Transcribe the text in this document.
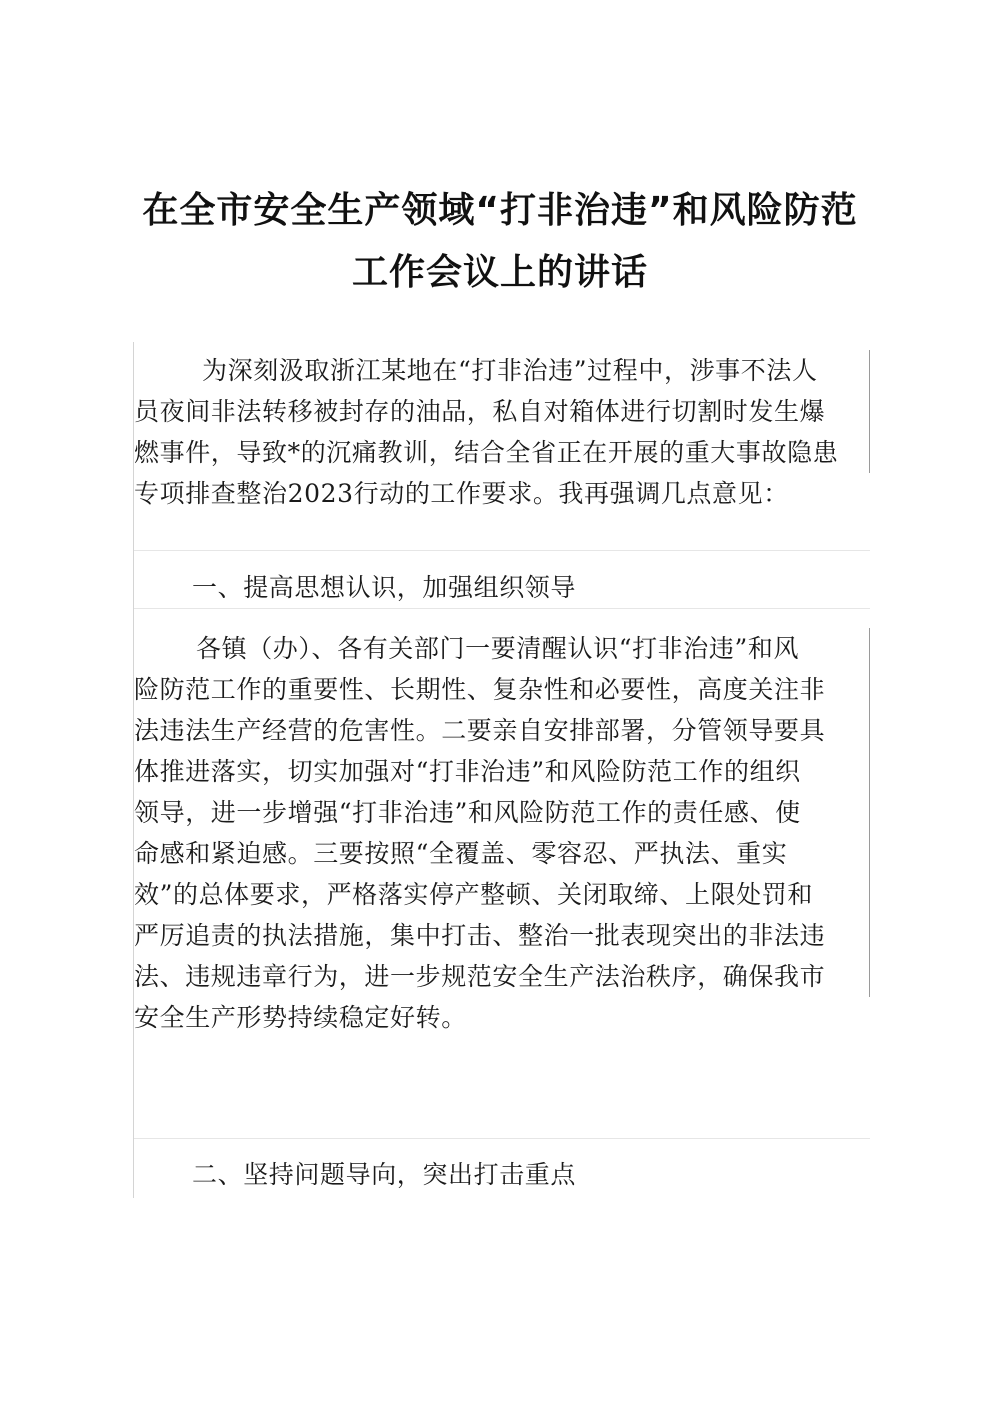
在全市安全生产领域“打非治违”和风险防范
工作会议上的讲话
为深刻汲取浙江某地在“打非治违”过程中，涉事不法人
员夜间非法转移被封存的油品，私自对箱体进行切割时发生爆
燃事件，导致*的沉痛教训，结合全省正在开展的重大事故隐患
专项排查整治2023行动的工作要求。我再强调几点意见：
一、提高思想认识，加强组织领导
各镇（办）、各有关部门一要清醒认识“打非治违”和风
险防范工作的重要性、长期性、复杂性和必要性，高度关注非
法违法生产经营的危害性。二要亲自安排部署，分管领导要具
体推进落实，切实加强对“打非治违”和风险防范工作的组织
领导，进一步增强“打非治违”和风险防范工作的责任感、使
命感和紧迫感。三要按照“全覆盖、零容忍、严执法、重实
效”的总体要求，严格落实停产整顿、关闭取缔、上限处罚和
严厉追责的执法措施，集中打击、整治一批表现突出的非法违
法、违规违章行为，进一步规范安全生产法治秩序，确保我市
安全生产形势持续稳定好转。
二、坚持问题导向，突出打击重点
